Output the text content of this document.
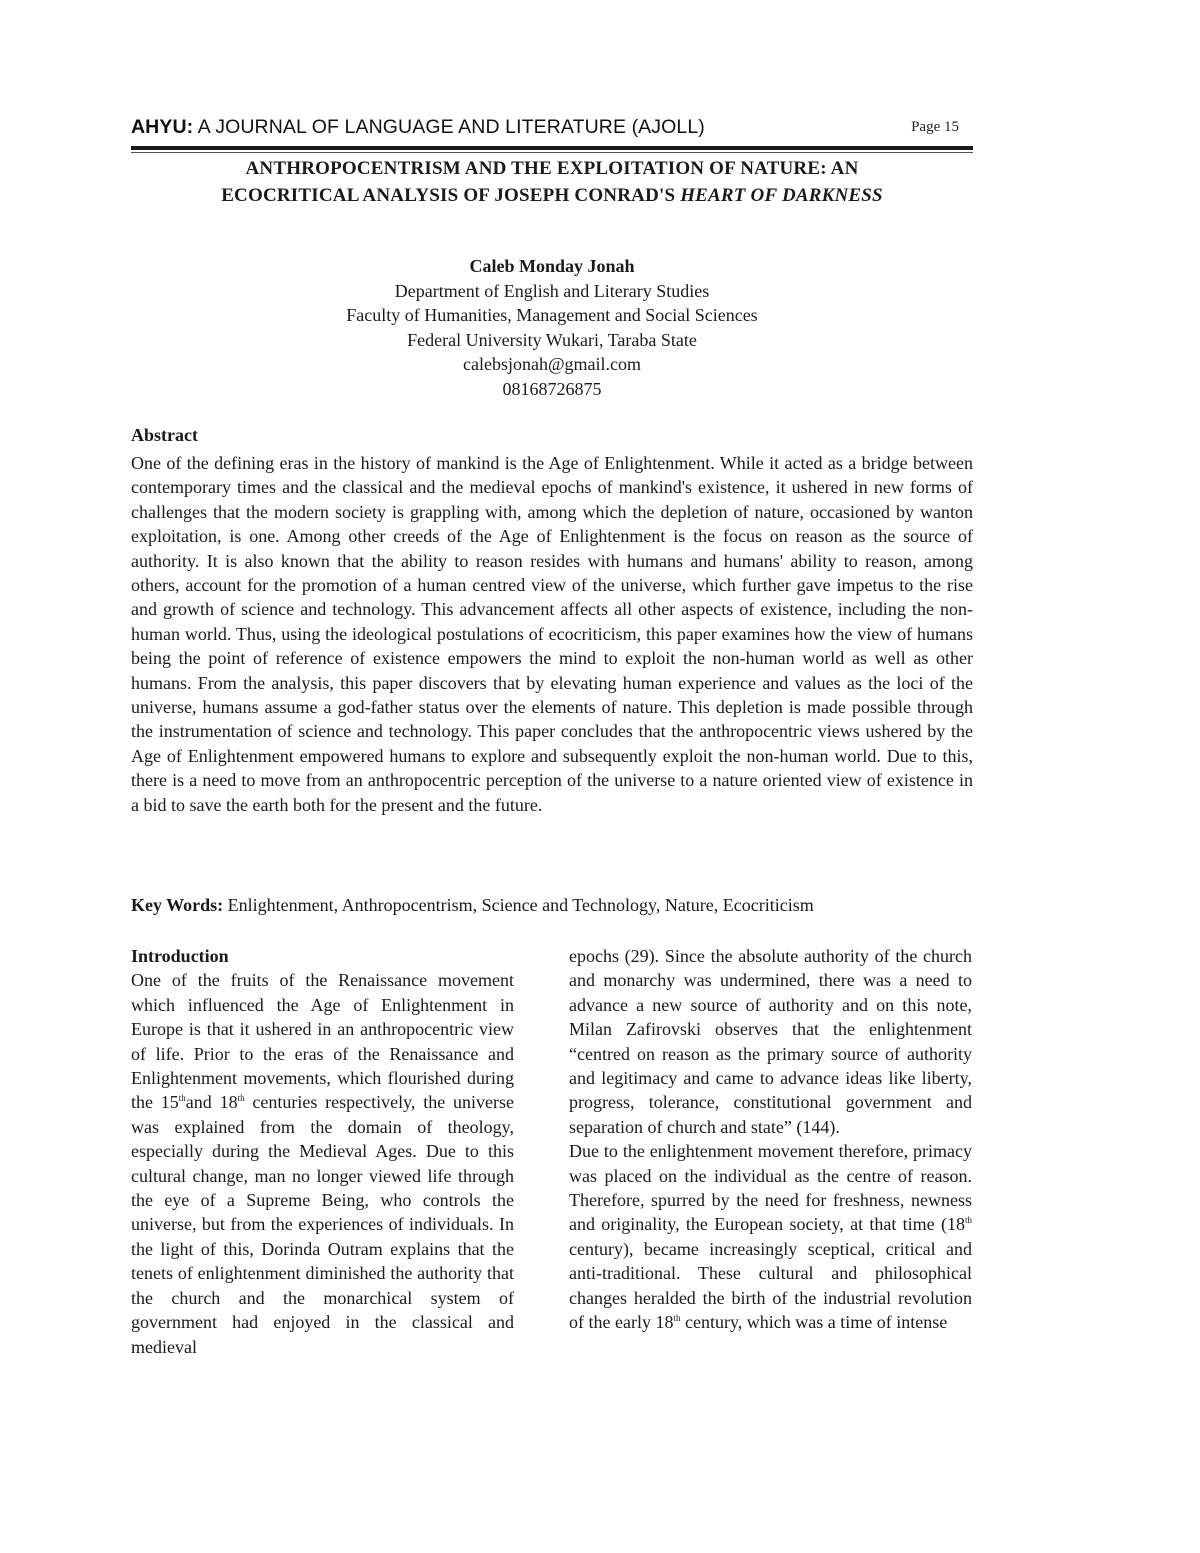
AHYU: A JOURNAL OF LANGUAGE AND LITERATURE (AJOLL)	Page 15
ANTHROPOCENTRISM AND THE EXPLOITATION OF NATURE: AN
ECOCRITICAL ANALYSIS OF JOSEPH CONRAD'S HEART OF DARKNESS
Caleb Monday Jonah
Department of English and Literary Studies
Faculty of Humanities, Management and Social Sciences
Federal University Wukari, Taraba State
calebsjonah@gmail.com
08168726875
Abstract

One of the defining eras in the history of mankind is the Age of Enlightenment. While it acted as a bridge between contemporary times and the classical and the medieval epochs of mankind's existence, it ushered in new forms of challenges that the modern society is grappling with, among which the depletion of nature, occasioned by wanton exploitation, is one. Among other creeds of the Age of Enlightenment is the focus on reason as the source of authority. It is also known that the ability to reason resides with humans and humans' ability to reason, among others, account for the promotion of a human centred view of the universe, which further gave impetus to the rise and growth of science and technology. This advancement affects all other aspects of existence, including the non-human world. Thus, using the ideological postulations of ecocriticism, this paper examines how the view of humans being the point of reference of existence empowers the mind to exploit the non-human world as well as other humans. From the analysis, this paper discovers that by elevating human experience and values as the loci of the universe, humans assume a god-father status over the elements of nature. This depletion is made possible through the instrumentation of science and technology. This paper concludes that the anthropocentric views ushered by the Age of Enlightenment empowered humans to explore and subsequently exploit the non-human world. Due to this, there is a need to move from an anthropocentric perception of the universe to a nature oriented view of existence in a bid to save the earth both for the present and the future.

Key Words: Enlightenment, Anthropocentrism, Science and Technology, Nature, Ecocriticism
Introduction

One of the fruits of the Renaissance movement which influenced the Age of Enlightenment in Europe is that it ushered in an anthropocentric view of life. Prior to the eras of the Renaissance and Enlightenment movements, which flourished during the 15thand 18th centuries respectively, the universe was explained from the domain of theology, especially during the Medieval Ages. Due to this cultural change, man no longer viewed life through the eye of a Supreme Being, who controls the universe, but from the experiences of individuals. In the light of this, Dorinda Outram explains that the tenets of enlightenment diminished the authority that the church and the monarchical system of government had enjoyed in the classical and medieval

epochs (29). Since the absolute authority of the church and monarchy was undermined, there was a need to advance a new source of authority and on this note, Milan Zafirovski observes that the enlightenment “centred on reason as the primary source of authority and legitimacy and came to advance ideas like liberty, progress, tolerance, constitutional government and separation of church and state” (144).

Due to the enlightenment movement therefore, primacy was placed on the individual as the centre of reason. Therefore, spurred by the need for freshness, newness and originality, the European society, at that time (18th century), became increasingly sceptical, critical and anti-traditional. These cultural and philosophical changes heralded the birth of the industrial revolution of the early 18th century, which was a time of intense
